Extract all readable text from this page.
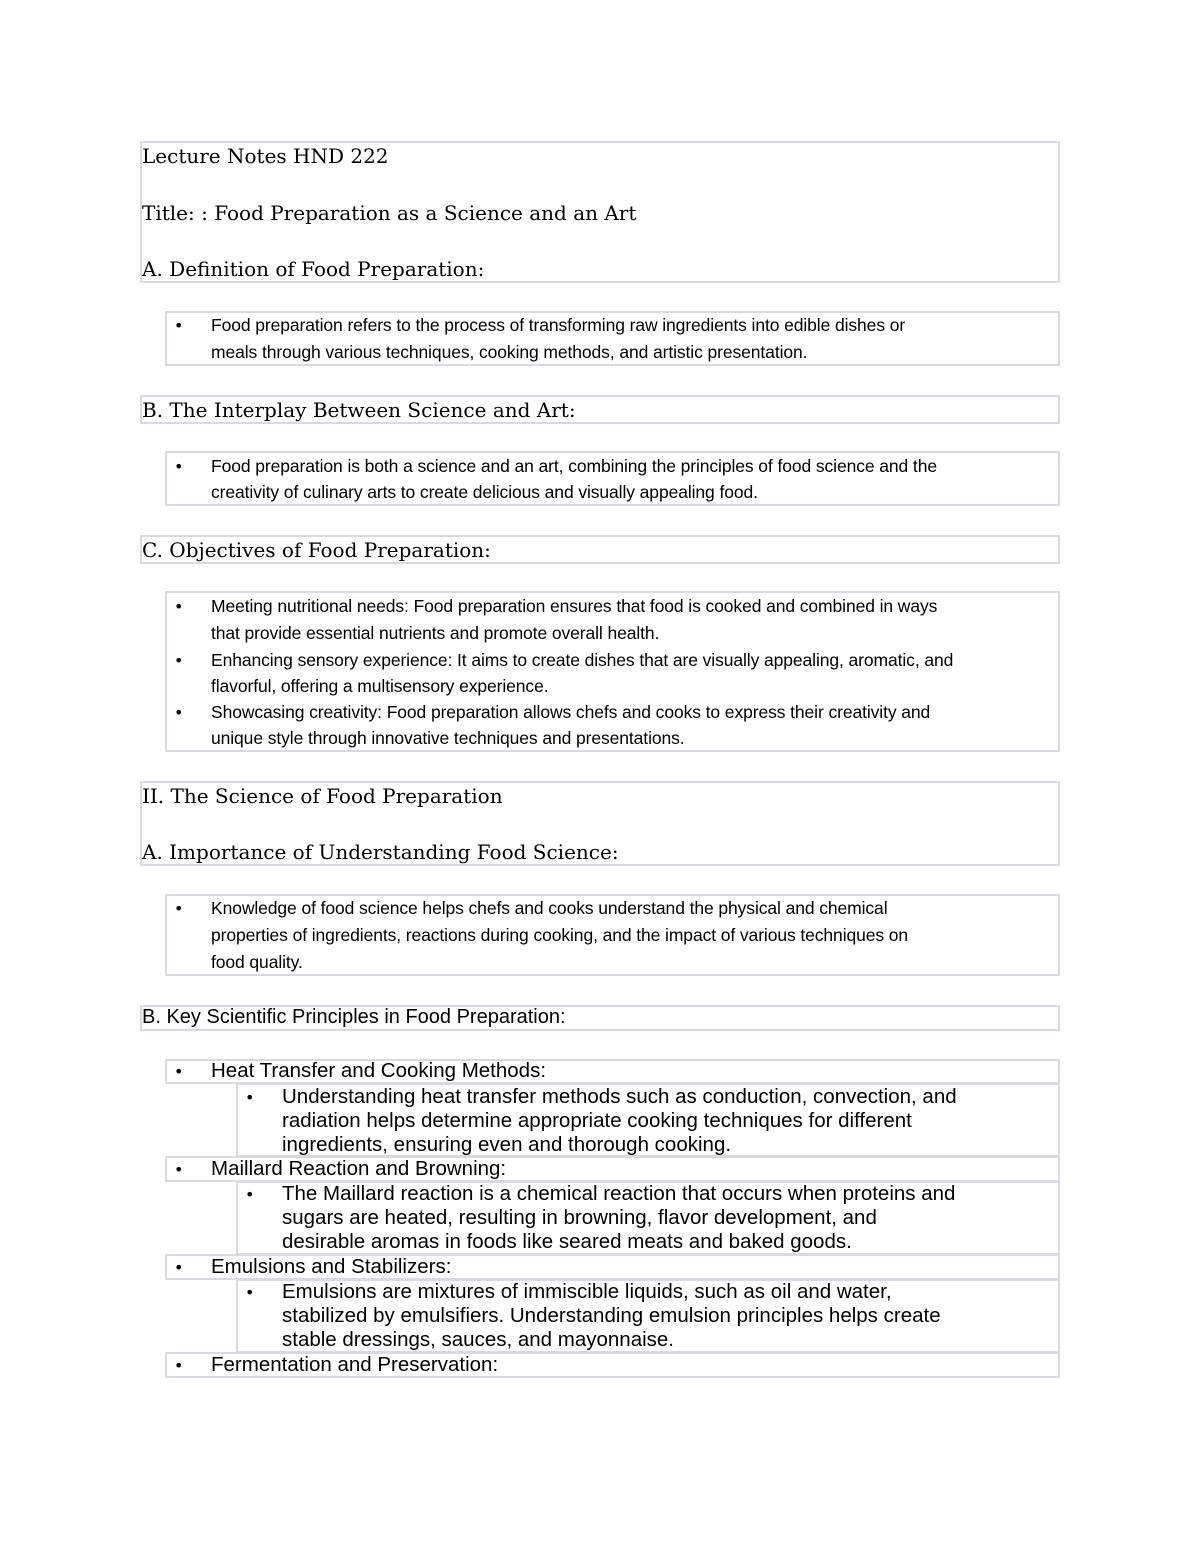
Lecture Notes HND 222
Title: : Food Preparation as a Science and an Art
A. Definition of Food Preparation:
• Food preparation refers to the process of transforming raw ingredients into edible dishes or
meals through various techniques, cooking methods, and artistic presentation.
B. The Interplay Between Science and Art:
• Food preparation is both a science and an art, combining the principles of food science and the
creativity of culinary arts to create delicious and visually appealing food.
C. Objectives of Food Preparation:
• Meeting nutritional needs: Food preparation ensures that food is cooked and combined in ways
that provide essential nutrients and promote overall health.
• Enhancing sensory experience: It aims to create dishes that are visually appealing, aromatic, and
flavorful, offering a multisensory experience.
• Showcasing creativity: Food preparation allows chefs and cooks to express their creativity and
unique style through innovative techniques and presentations.
II. The Science of Food Preparation
A. Importance of Understanding Food Science:
• Knowledge of food science helps chefs and cooks understand the physical and chemical
properties of ingredients, reactions during cooking, and the impact of various techniques on
food quality.
B. Key Scientific Principles in Food Preparation:
• Heat Transfer and Cooking Methods:
• Understanding heat transfer methods such as conduction, convection, and
radiation helps determine appropriate cooking techniques for different
ingredients, ensuring even and thorough cooking.
• Maillard Reaction and Browning:
• The Maillard reaction is a chemical reaction that occurs when proteins and
sugars are heated, resulting in browning, flavor development, and
desirable aromas in foods like seared meats and baked goods.
• Emulsions and Stabilizers:
• Emulsions are mixtures of immiscible liquids, such as oil and water,
stabilized by emulsifiers. Understanding emulsion principles helps create
stable dressings, sauces, and mayonnaise.
• Fermentation and Preservation:
